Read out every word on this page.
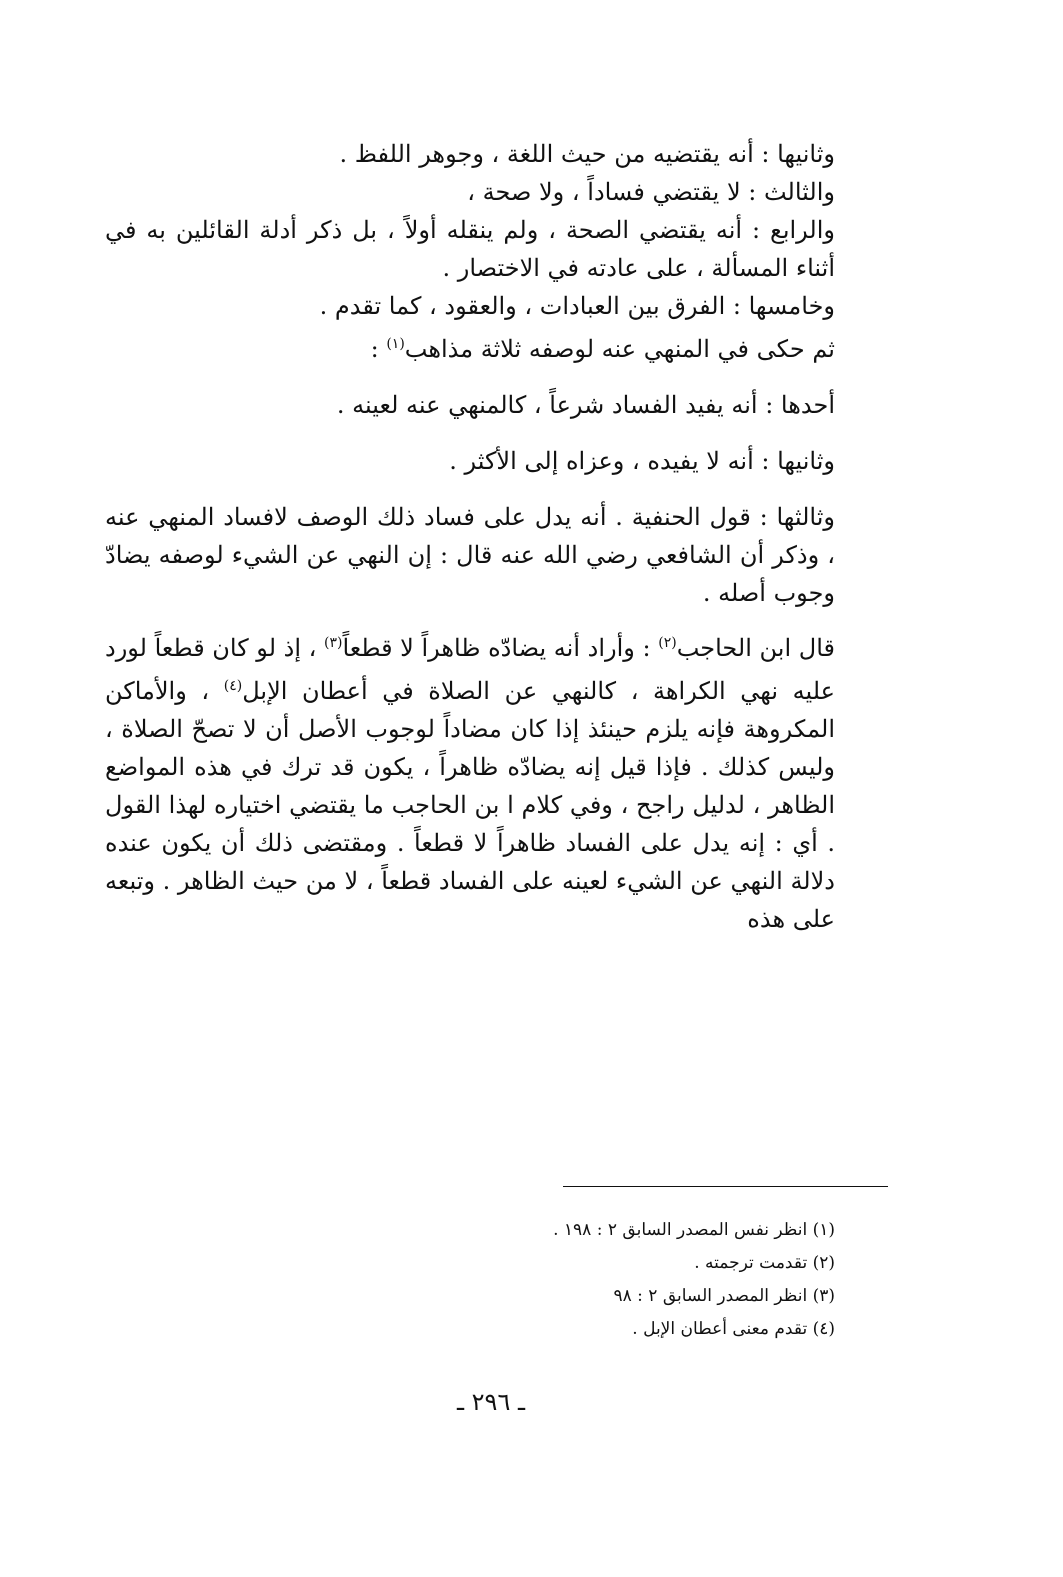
وثانيها : أنه يقتضيه من حيث اللغة ، وجوهر اللفظ .

والثالث : لا يقتضي فساداً ، ولا صحة ،

والرابع : أنه يقتضي الصحة ، ولم ينقله أولاً ، بل ذكر أدلة القائلين به في أثناء المسألة ، على عادته في الاختصار .

وخامسها : الفرق بين العبادات ، والعقود ، كما تقدم .

ثم حكى في المنهي عنه لوصفه ثلاثة مذاهب$^{(١)}$ :

أحدها : أنه يفيد الفساد شرعاً ، كالمنهي عنه لعينه .

وثانيها : أنه لا يفيده ، وعزاه إلى الأكثر .

وثالثها : قول الحنفية . أنه يدل على فساد ذلك الوصف لافساد المنهي عنه ، وذكر أن الشافعي رضي الله عنه قال : إن النهي عن الشيء لوصفه يضادّ وجوب أصله .

قال ابن الحاجب$^{(٢)}$ : وأراد أنه يضادّه ظاهراً لا قطعاً$^{(٣)}$ ، إذ لو كان قطعاً لورد عليه نهي الكراهة ، كالنهي عن الصلاة في أعطان الإبل$^{(٤)}$ ، والأماكن المكروهة فإنه يلزم حينئذ إذا كان مضاداً لوجوب الأصل أن لا تصحّ الصلاة ، وليس كذلك . فإذا قيل إنه يضادّه ظاهراً ، يكون قد ترك في هذه المواضع الظاهر ، لدليل راجح ، وفي كلام ا بن الحاجب ما يقتضي اختياره لهذا القول . أي : إنه يدل على الفساد ظاهراً لا قطعاً . ومقتضى ذلك أن يكون عنده دلالة النهي عن الشيء لعينه على الفساد قطعاً ، لا من حيث الظاهر . وتبعه على هذه

(١) انظر نفس المصدر السابق ٢ : ١٩٨ .

(٢) تقدمت ترجمته .

(٣) انظر المصدر السابق ٢ : ٩٨

(٤) تقدم معنى أعطان الإبل .

ـ ٢٩٦ ـ
